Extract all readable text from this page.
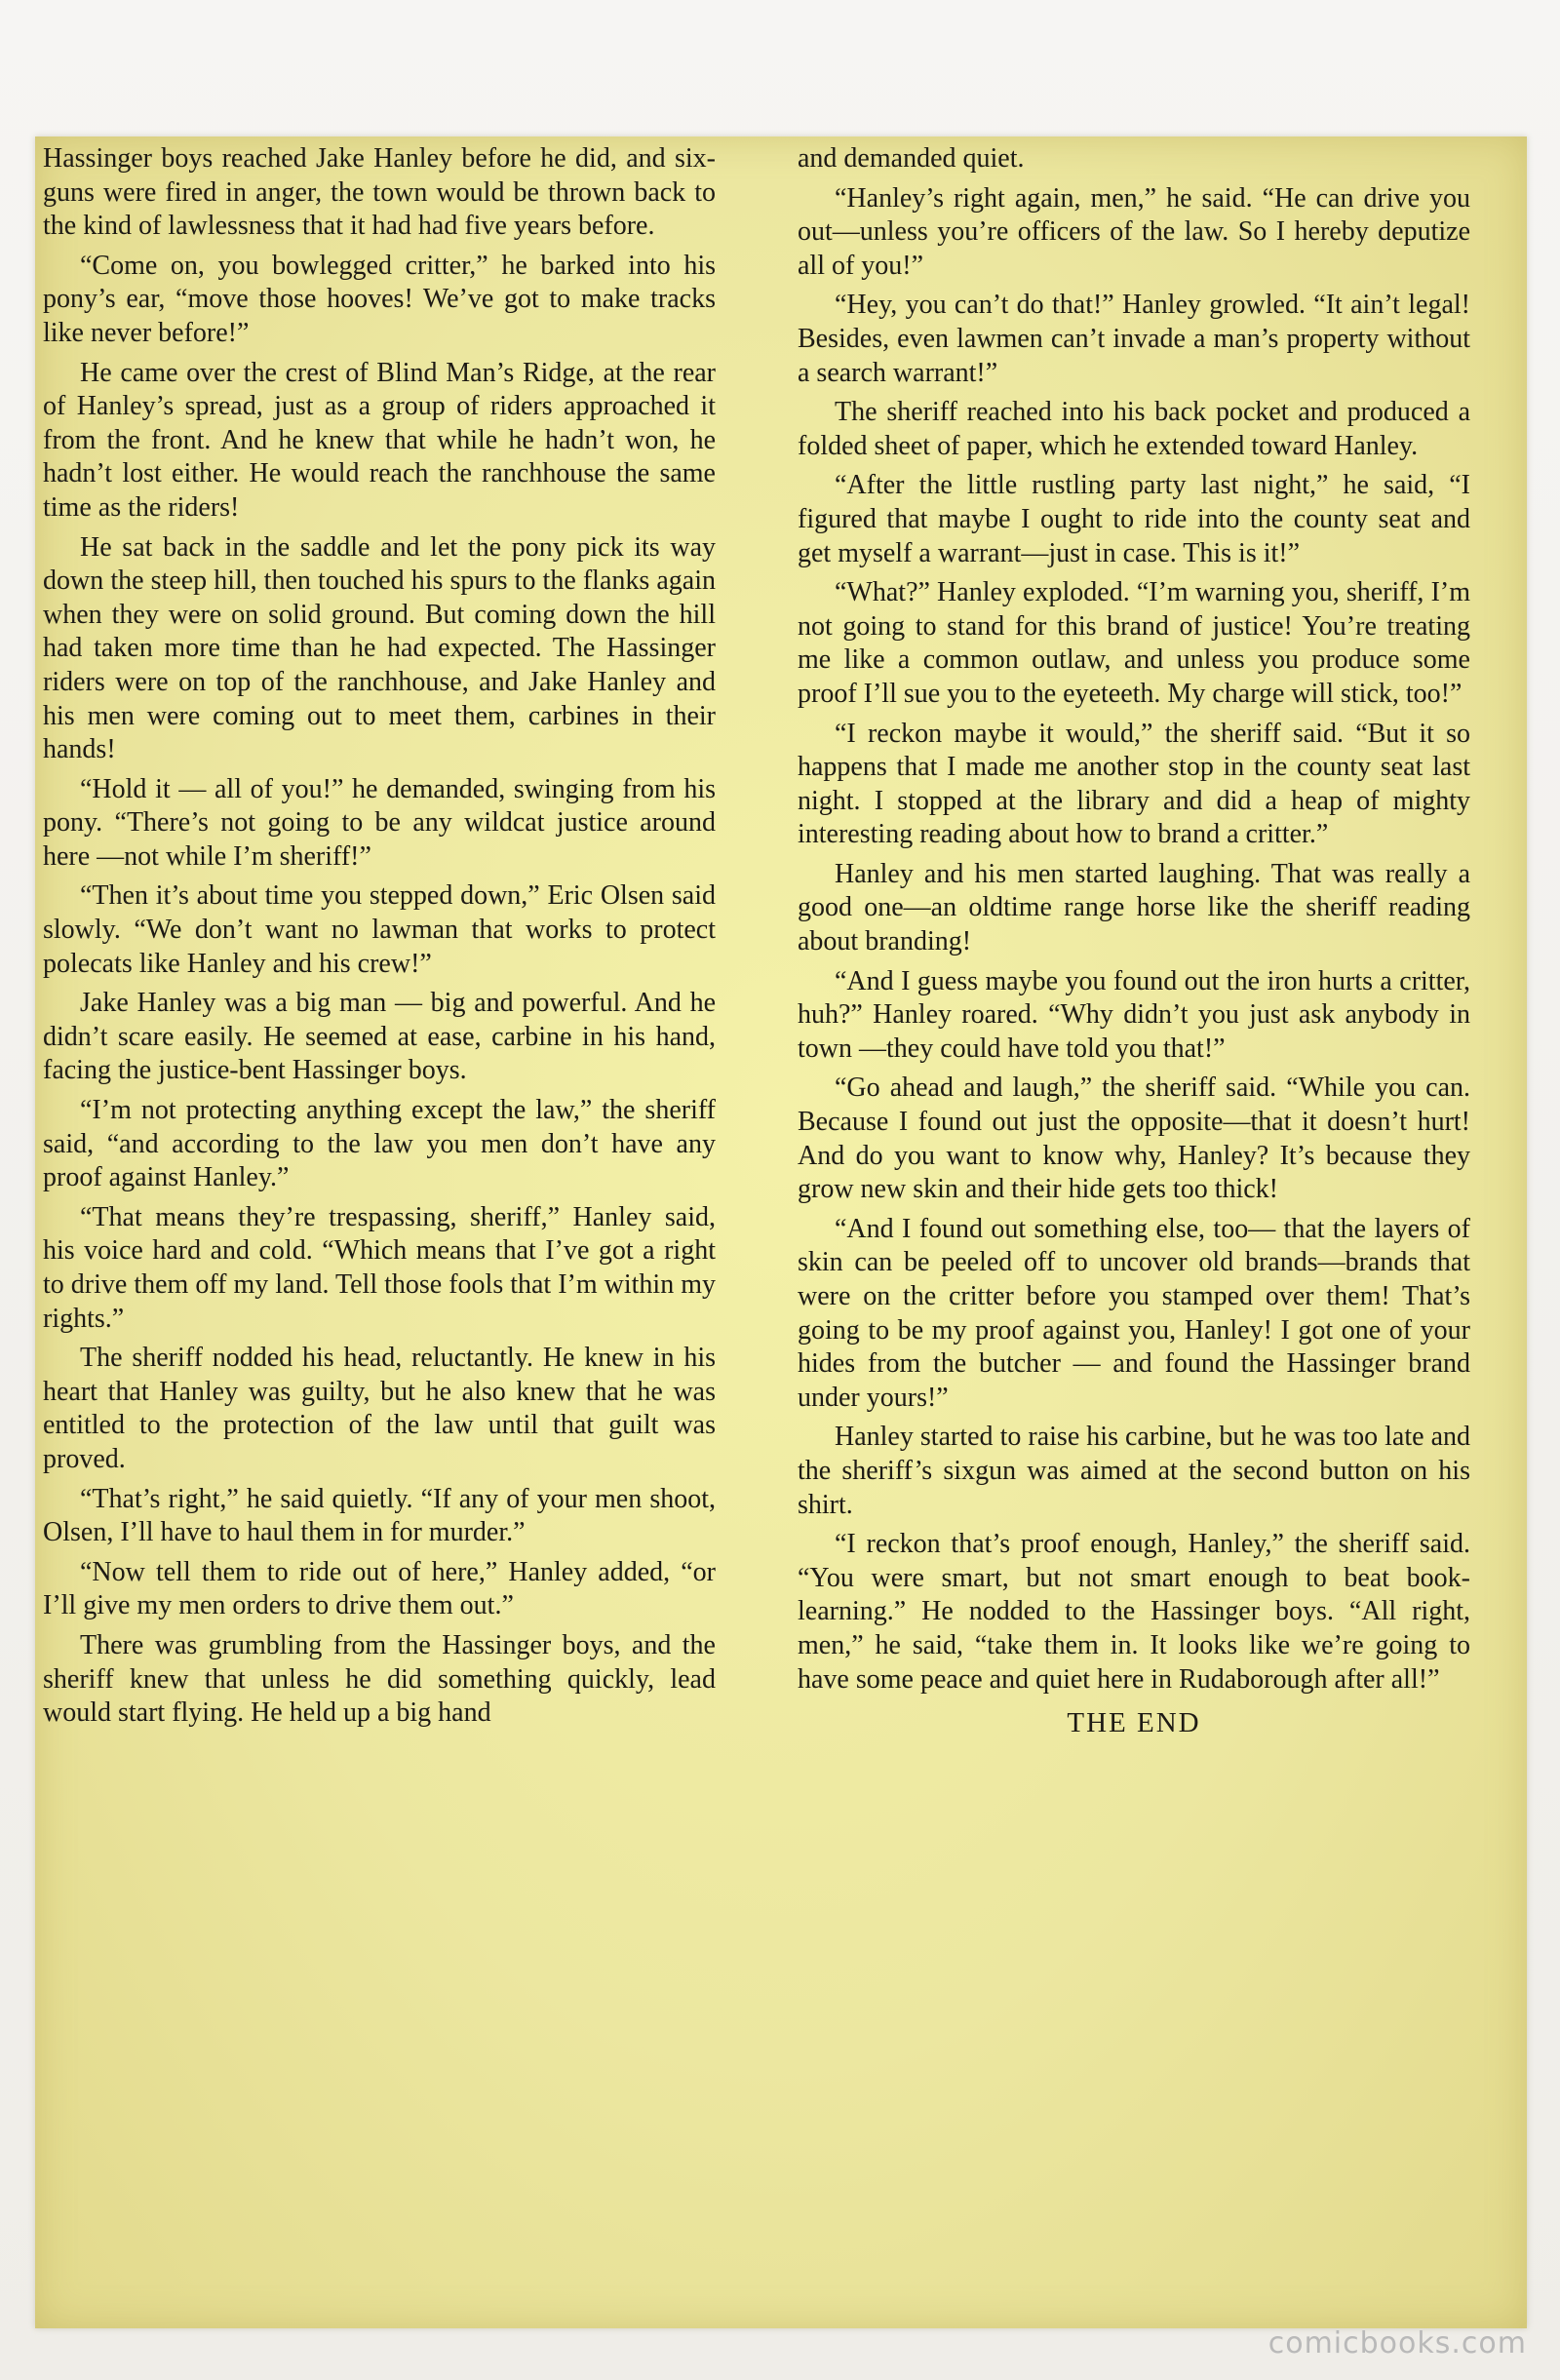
Hassinger boys reached Jake Hanley before he did, and six-guns were fired in anger, the town would be thrown back to the kind of lawlessness that it had had five years before.

“Come on, you bowlegged critter,” he barked into his pony’s ear, “move those hooves! We’ve got to make tracks like never before!”

He came over the crest of Blind Man’s Ridge, at the rear of Hanley’s spread, just as a group of riders approached it from the front. And he knew that while he hadn’t won, he hadn’t lost either. He would reach the ranchhouse the same time as the riders!

He sat back in the saddle and let the pony pick its way down the steep hill, then touched his spurs to the flanks again when they were on solid ground. But coming down the hill had taken more time than he had expected. The Hassinger riders were on top of the ranchhouse, and Jake Hanley and his men were coming out to meet them, carbines in their hands!

“Hold it — all of you!” he demanded, swinging from his pony. “There’s not going to be any wildcat justice around here —not while I’m sheriff!”

“Then it’s about time you stepped down,” Eric Olsen said slowly. “We don’t want no lawman that works to protect polecats like Hanley and his crew!”

Jake Hanley was a big man — big and powerful. And he didn’t scare easily. He seemed at ease, carbine in his hand, facing the justice-bent Hassinger boys.

“I’m not protecting anything except the law,” the sheriff said, “and according to the law you men don’t have any proof against Hanley.”

“That means they’re trespassing, sheriff,” Hanley said, his voice hard and cold. “Which means that I’ve got a right to drive them off my land. Tell those fools that I’m within my rights.”

The sheriff nodded his head, reluctantly. He knew in his heart that Hanley was guilty, but he also knew that he was entitled to the protection of the law until that guilt was proved.

“That’s right,” he said quietly. “If any of your men shoot, Olsen, I’ll have to haul them in for murder.”

“Now tell them to ride out of here,” Hanley added, “or I’ll give my men orders to drive them out.”

There was grumbling from the Hassinger boys, and the sheriff knew that unless he did something quickly, lead would start flying. He held up a big hand

and demanded quiet.

“Hanley’s right again, men,” he said. “He can drive you out—unless you’re officers of the law. So I hereby deputize all of you!”

“Hey, you can’t do that!” Hanley growled. “It ain’t legal! Besides, even lawmen can’t invade a man’s property without a search warrant!”

The sheriff reached into his back pocket and produced a folded sheet of paper, which he extended toward Hanley.

“After the little rustling party last night,” he said, “I figured that maybe I ought to ride into the county seat and get myself a warrant—just in case. This is it!”

“What?” Hanley exploded. “I’m warning you, sheriff, I’m not going to stand for this brand of justice! You’re treating me like a common outlaw, and unless you produce some proof I’ll sue you to the eyeteeth. My charge will stick, too!”

“I reckon maybe it would,” the sheriff said. “But it so happens that I made me another stop in the county seat last night. I stopped at the library and did a heap of mighty interesting reading about how to brand a critter.”

Hanley and his men started laughing. That was really a good one—an oldtime range horse like the sheriff reading about branding!

“And I guess maybe you found out the iron hurts a critter, huh?” Hanley roared. “Why didn’t you just ask anybody in town —they could have told you that!”

“Go ahead and laugh,” the sheriff said. “While you can. Because I found out just the opposite—that it doesn’t hurt! And do you want to know why, Hanley? It’s because they grow new skin and their hide gets too thick!

“And I found out something else, too— that the layers of skin can be peeled off to uncover old brands—brands that were on the critter before you stamped over them! That’s going to be my proof against you, Hanley! I got one of your hides from the butcher — and found the Hassinger brand under yours!”

Hanley started to raise his carbine, but he was too late and the sheriff’s sixgun was aimed at the second button on his shirt.

“I reckon that’s proof enough, Hanley,” the sheriff said. “You were smart, but not smart enough to beat book-learning.” He nodded to the Hassinger boys. “All right, men,” he said, “take them in. It looks like we’re going to have some peace and quiet here in Rudaborough after all!”

THE END
comicbooks.com
